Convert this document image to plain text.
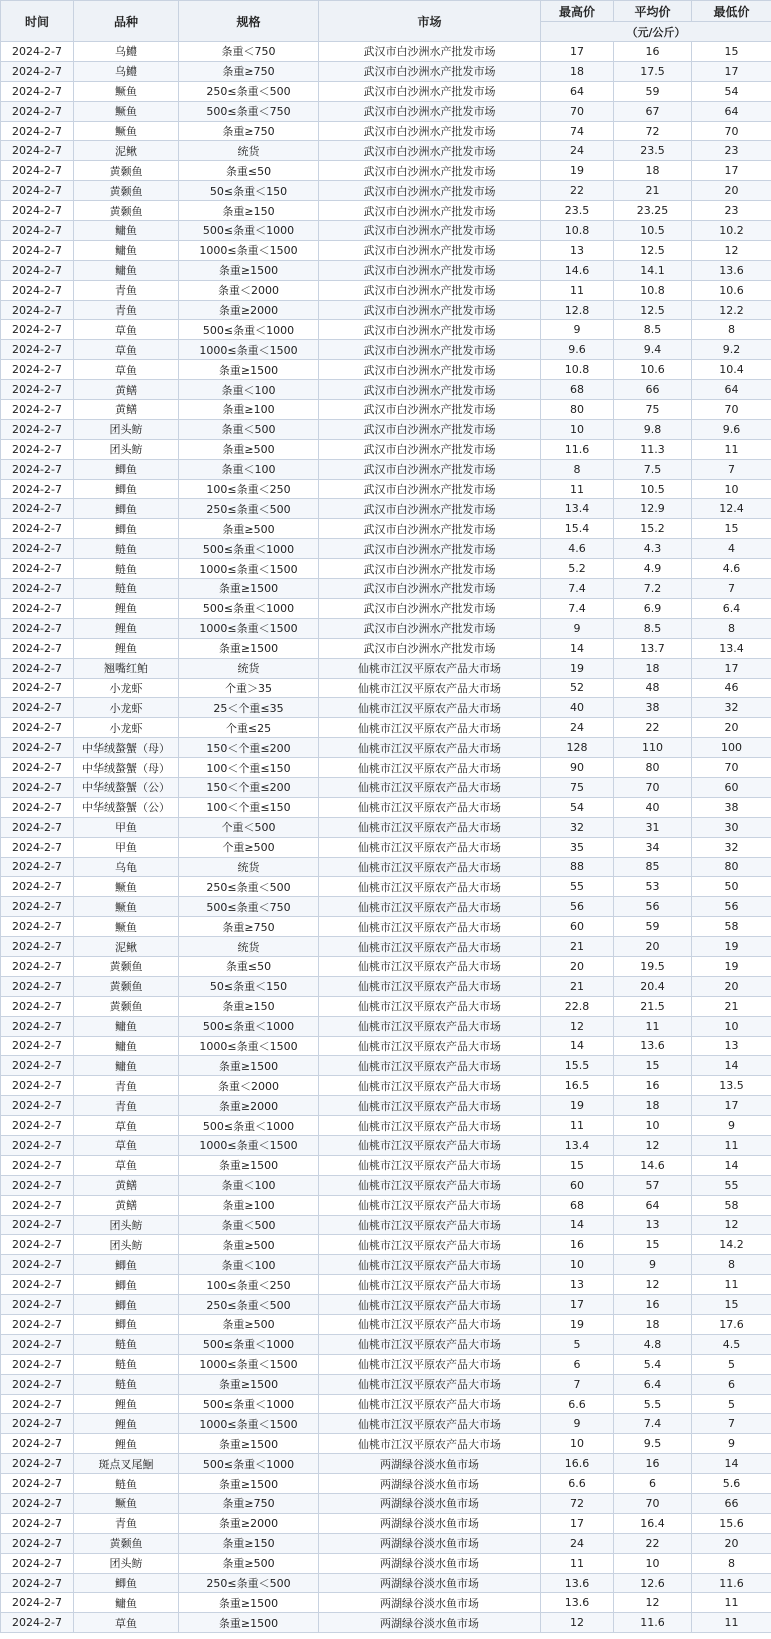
时间	品种	规格	市场	最高价	平均价	最低价
				（元/公斤）		
2024-2-7	乌鳢	条重＜750	武汉市白沙洲水产批发市场	17	16	15
2024-2-7	乌鳢	条重≥750	武汉市白沙洲水产批发市场	18	17.5	17
2024-2-7	鳜鱼	250≤条重＜500	武汉市白沙洲水产批发市场	64	59	54
2024-2-7	鳜鱼	500≤条重＜750	武汉市白沙洲水产批发市场	70	67	64
2024-2-7	鳜鱼	条重≥750	武汉市白沙洲水产批发市场	74	72	70
2024-2-7	泥鳅	统货	武汉市白沙洲水产批发市场	24	23.5	23
2024-2-7	黄颡鱼	条重≤50	武汉市白沙洲水产批发市场	19	18	17
2024-2-7	黄颡鱼	50≤条重＜150	武汉市白沙洲水产批发市场	22	21	20
2024-2-7	黄颡鱼	条重≥150	武汉市白沙洲水产批发市场	23.5	23.25	23
2024-2-7	鳙鱼	500≤条重＜1000	武汉市白沙洲水产批发市场	10.8	10.5	10.2
2024-2-7	鳙鱼	1000≤条重＜1500	武汉市白沙洲水产批发市场	13	12.5	12
2024-2-7	鳙鱼	条重≥1500	武汉市白沙洲水产批发市场	14.6	14.1	13.6
2024-2-7	青鱼	条重＜2000	武汉市白沙洲水产批发市场	11	10.8	10.6
2024-2-7	青鱼	条重≥2000	武汉市白沙洲水产批发市场	12.8	12.5	12.2
2024-2-7	草鱼	500≤条重＜1000	武汉市白沙洲水产批发市场	9	8.5	8
2024-2-7	草鱼	1000≤条重＜1500	武汉市白沙洲水产批发市场	9.6	9.4	9.2
2024-2-7	草鱼	条重≥1500	武汉市白沙洲水产批发市场	10.8	10.6	10.4
2024-2-7	黄鳝	条重＜100	武汉市白沙洲水产批发市场	68	66	64
2024-2-7	黄鳝	条重≥100	武汉市白沙洲水产批发市场	80	75	70
2024-2-7	团头鲂	条重＜500	武汉市白沙洲水产批发市场	10	9.8	9.6
2024-2-7	团头鲂	条重≥500	武汉市白沙洲水产批发市场	11.6	11.3	11
2024-2-7	鲫鱼	条重＜100	武汉市白沙洲水产批发市场	8	7.5	7
2024-2-7	鲫鱼	100≤条重＜250	武汉市白沙洲水产批发市场	11	10.5	10
2024-2-7	鲫鱼	250≤条重＜500	武汉市白沙洲水产批发市场	13.4	12.9	12.4
2024-2-7	鲫鱼	条重≥500	武汉市白沙洲水产批发市场	15.4	15.2	15
2024-2-7	鲢鱼	500≤条重＜1000	武汉市白沙洲水产批发市场	4.6	4.3	4
2024-2-7	鲢鱼	1000≤条重＜1500	武汉市白沙洲水产批发市场	5.2	4.9	4.6
2024-2-7	鲢鱼	条重≥1500	武汉市白沙洲水产批发市场	7.4	7.2	7
2024-2-7	鲤鱼	500≤条重＜1000	武汉市白沙洲水产批发市场	7.4	6.9	6.4
2024-2-7	鲤鱼	1000≤条重＜1500	武汉市白沙洲水产批发市场	9	8.5	8
2024-2-7	鲤鱼	条重≥1500	武汉市白沙洲水产批发市场	14	13.7	13.4
2024-2-7	翘嘴红鲌	统货	仙桃市江汉平原农产品大市场	19	18	17
2024-2-7	小龙虾	个重＞35	仙桃市江汉平原农产品大市场	52	48	46
2024-2-7	小龙虾	25＜个重≤35	仙桃市江汉平原农产品大市场	40	38	32
2024-2-7	小龙虾	个重≤25	仙桃市江汉平原农产品大市场	24	22	20
2024-2-7	中华绒螯蟹（母）	150＜个重≤200	仙桃市江汉平原农产品大市场	128	110	100
2024-2-7	中华绒螯蟹（母）	100＜个重≤150	仙桃市江汉平原农产品大市场	90	80	70
2024-2-7	中华绒螯蟹（公）	150＜个重≤200	仙桃市江汉平原农产品大市场	75	70	60
2024-2-7	中华绒螯蟹（公）	100＜个重≤150	仙桃市江汉平原农产品大市场	54	40	38
2024-2-7	甲鱼	个重＜500	仙桃市江汉平原农产品大市场	32	31	30
2024-2-7	甲鱼	个重≥500	仙桃市江汉平原农产品大市场	35	34	32
2024-2-7	乌龟	统货	仙桃市江汉平原农产品大市场	88	85	80
2024-2-7	鳜鱼	250≤条重＜500	仙桃市江汉平原农产品大市场	55	53	50
2024-2-7	鳜鱼	500≤条重＜750	仙桃市江汉平原农产品大市场	56	56	56
2024-2-7	鳜鱼	条重≥750	仙桃市江汉平原农产品大市场	60	59	58
2024-2-7	泥鳅	统货	仙桃市江汉平原农产品大市场	21	20	19
2024-2-7	黄颡鱼	条重≤50	仙桃市江汉平原农产品大市场	20	19.5	19
2024-2-7	黄颡鱼	50≤条重＜150	仙桃市江汉平原农产品大市场	21	20.4	20
2024-2-7	黄颡鱼	条重≥150	仙桃市江汉平原农产品大市场	22.8	21.5	21
2024-2-7	鳙鱼	500≤条重＜1000	仙桃市江汉平原农产品大市场	12	11	10
2024-2-7	鳙鱼	1000≤条重＜1500	仙桃市江汉平原农产品大市场	14	13.6	13
2024-2-7	鳙鱼	条重≥1500	仙桃市江汉平原农产品大市场	15.5	15	14
2024-2-7	青鱼	条重＜2000	仙桃市江汉平原农产品大市场	16.5	16	13.5
2024-2-7	青鱼	条重≥2000	仙桃市江汉平原农产品大市场	19	18	17
2024-2-7	草鱼	500≤条重＜1000	仙桃市江汉平原农产品大市场	11	10	9
2024-2-7	草鱼	1000≤条重＜1500	仙桃市江汉平原农产品大市场	13.4	12	11
2024-2-7	草鱼	条重≥1500	仙桃市江汉平原农产品大市场	15	14.6	14
2024-2-7	黄鳝	条重＜100	仙桃市江汉平原农产品大市场	60	57	55
2024-2-7	黄鳝	条重≥100	仙桃市江汉平原农产品大市场	68	64	58
2024-2-7	团头鲂	条重＜500	仙桃市江汉平原农产品大市场	14	13	12
2024-2-7	团头鲂	条重≥500	仙桃市江汉平原农产品大市场	16	15	14.2
2024-2-7	鲫鱼	条重＜100	仙桃市江汉平原农产品大市场	10	9	8
2024-2-7	鲫鱼	100≤条重＜250	仙桃市江汉平原农产品大市场	13	12	11
2024-2-7	鲫鱼	250≤条重＜500	仙桃市江汉平原农产品大市场	17	16	15
2024-2-7	鲫鱼	条重≥500	仙桃市江汉平原农产品大市场	19	18	17.6
2024-2-7	鲢鱼	500≤条重＜1000	仙桃市江汉平原农产品大市场	5	4.8	4.5
2024-2-7	鲢鱼	1000≤条重＜1500	仙桃市江汉平原农产品大市场	6	5.4	5
2024-2-7	鲢鱼	条重≥1500	仙桃市江汉平原农产品大市场	7	6.4	6
2024-2-7	鲤鱼	500≤条重＜1000	仙桃市江汉平原农产品大市场	6.6	5.5	5
2024-2-7	鲤鱼	1000≤条重＜1500	仙桃市江汉平原农产品大市场	9	7.4	7
2024-2-7	鲤鱼	条重≥1500	仙桃市江汉平原农产品大市场	10	9.5	9
2024-2-7	斑点叉尾鮰	500≤条重＜1000	两湖绿谷淡水鱼市场	16.6	16	14
2024-2-7	鲢鱼	条重≥1500	两湖绿谷淡水鱼市场	6.6	6	5.6
2024-2-7	鳜鱼	条重≥750	两湖绿谷淡水鱼市场	72	70	66
2024-2-7	青鱼	条重≥2000	两湖绿谷淡水鱼市场	17	16.4	15.6
2024-2-7	黄颡鱼	条重≥150	两湖绿谷淡水鱼市场	24	22	20
2024-2-7	团头鲂	条重≥500	两湖绿谷淡水鱼市场	11	10	8
2024-2-7	鲫鱼	250≤条重＜500	两湖绿谷淡水鱼市场	13.6	12.6	11.6
2024-2-7	鳙鱼	条重≥1500	两湖绿谷淡水鱼市场	13.6	12	11
2024-2-7	草鱼	条重≥1500	两湖绿谷淡水鱼市场	12	11.6	11
